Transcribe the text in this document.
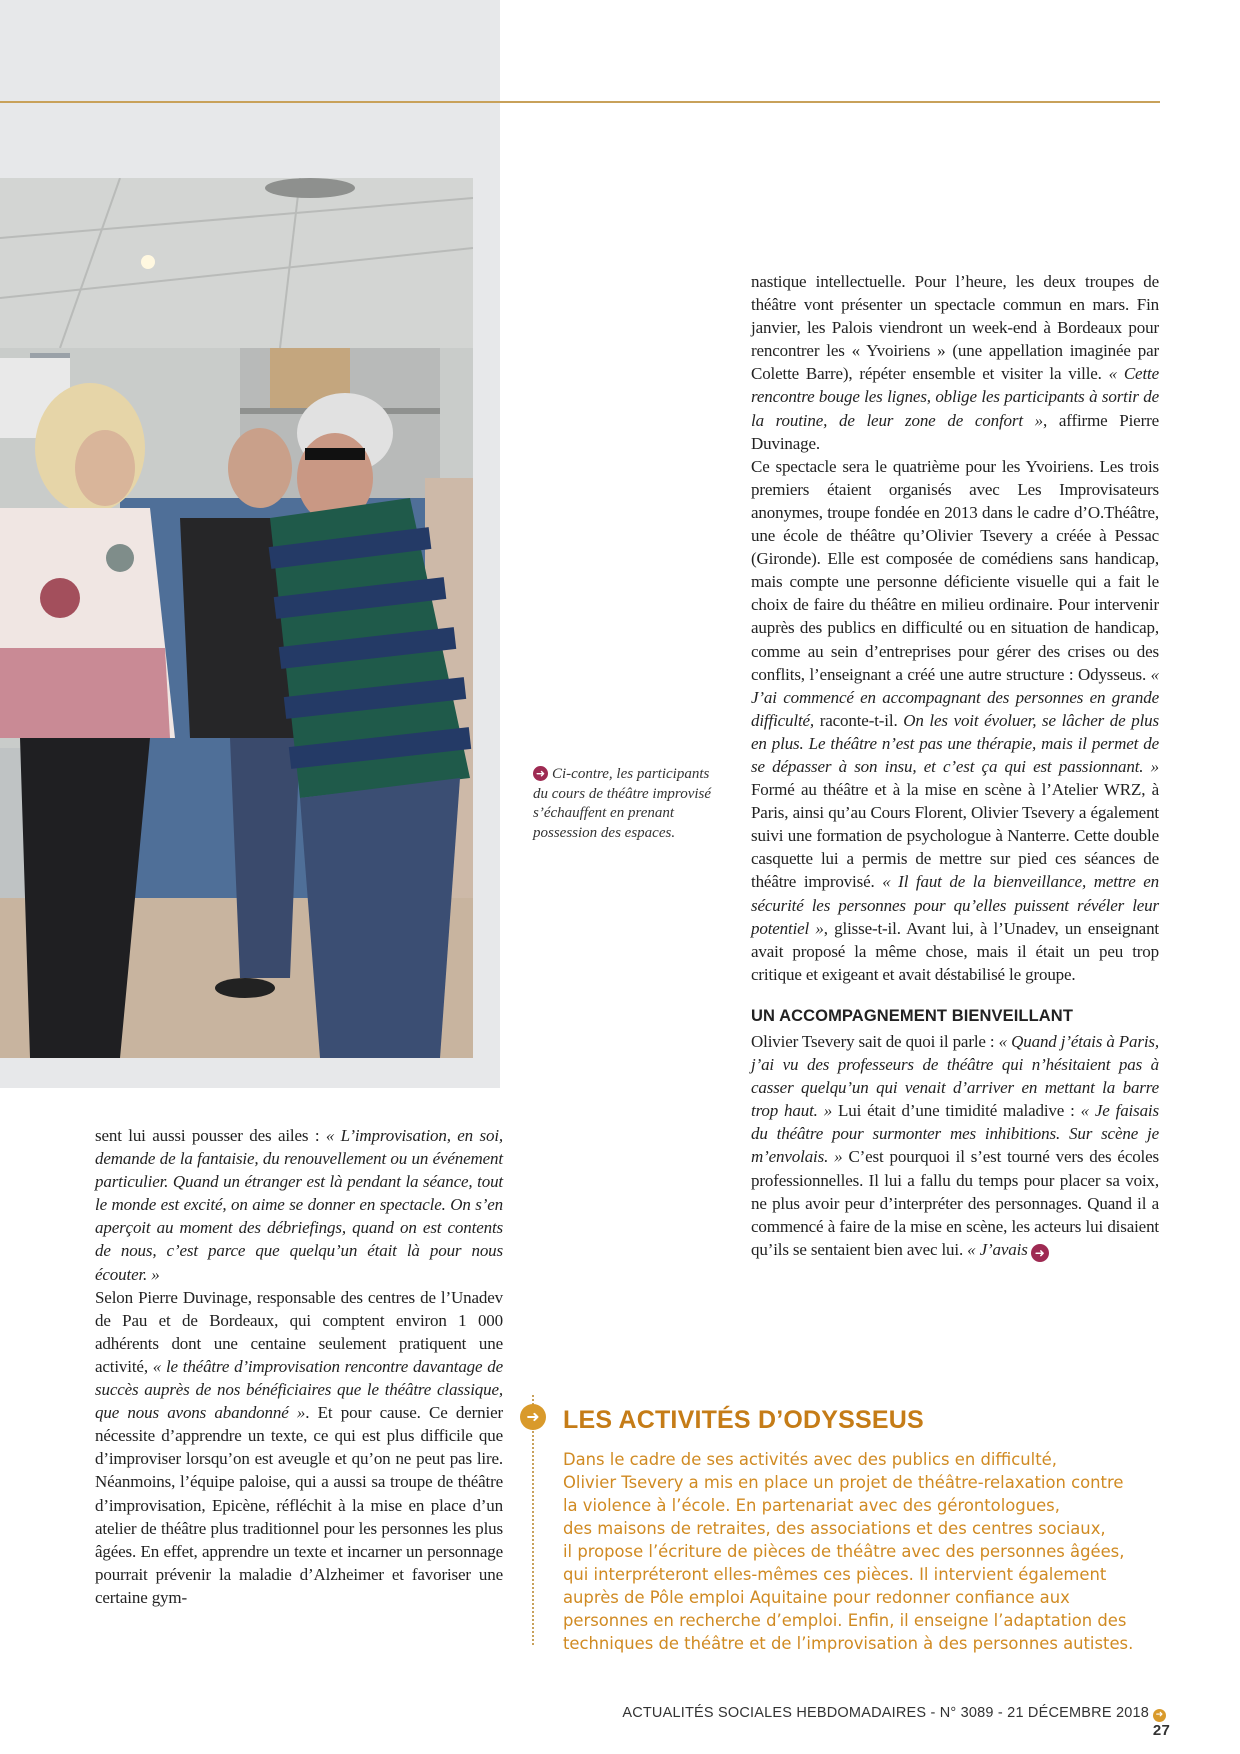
➜ Ci-contre, les participants du cours de théâtre improvisé s’échauffent en prenant possession des espaces.

nastique intellectuelle. Pour l’heure, les deux troupes de théâtre vont présenter un spectacle commun en mars. Fin janvier, les Palois viendront un week-end à Bordeaux pour rencontrer les « Yvoiriens » (une appellation imaginée par Colette Barre), répéter ensemble et visiter la ville. « Cette rencontre bouge les lignes, oblige les participants à sortir de la routine, de leur zone de confort », affirme Pierre Duvinage.

Ce spectacle sera le quatrième pour les Yvoiriens. Les trois premiers étaient organisés avec Les Improvisateurs anonymes, troupe fondée en 2013 dans le cadre d’O.Théâtre, une école de théâtre qu’Olivier Tsevery a créée à Pessac (Gironde). Elle est composée de comédiens sans handicap, mais compte une personne déficiente visuelle qui a fait le choix de faire du théâtre en milieu ordinaire. Pour intervenir auprès des publics en difficulté ou en situation de handicap, comme au sein d’entreprises pour gérer des crises ou des conflits, l’enseignant a créé une autre structure : Odysseus. « J’ai commencé en accompagnant des personnes en grande difficulté, raconte-t-il. On les voit évoluer, se lâcher de plus en plus. Le théâtre n’est pas une thérapie, mais il permet de se dépasser à son insu, et c’est ça qui est passionnant. » Formé au théâtre et à la mise en scène à l’Atelier WRZ, à Paris, ainsi qu’au Cours Florent, Olivier Tsevery a également suivi une formation de psychologue à Nanterre. Cette double casquette lui a permis de mettre sur pied ces séances de théâtre improvisé. « Il faut de la bienveillance, mettre en sécurité les personnes pour qu’elles puissent révéler leur potentiel », glisse-t-il. Avant lui, à l’Unadev, un enseignant avait proposé la même chose, mais il était un peu trop critique et exigeant et avait déstabilisé le groupe.

UN ACCOMPAGNEMENT BIENVEILLANT

Olivier Tsevery sait de quoi il parle : « Quand j’étais à Paris, j’ai vu des professeurs de théâtre qui n’hésitaient pas à casser quelqu’un qui venait d’arriver en mettant la barre trop haut. » Lui était d’une timidité maladive : « Je faisais du théâtre pour surmonter mes inhibitions. Sur scène je m’envolais. » C’est pourquoi il s’est tourné vers des écoles professionnelles. Il lui a fallu du temps pour placer sa voix, ne plus avoir peur d’interpréter des personnages. Quand il a commencé à faire de la mise en scène, les acteurs lui disaient qu’ils se sentaient bien avec lui. « J’avais ➜

sent lui aussi pousser des ailes : « L’improvisation, en soi, demande de la fantaisie, du renouvellement ou un événement particulier. Quand un étranger est là pendant la séance, tout le monde est excité, on aime se donner en spectacle. On s’en aperçoit au moment des débriefings, quand on est contents de nous, c’est parce que quelqu’un était là pour nous écouter. »

Selon Pierre Duvinage, responsable des centres de l’Unadev de Pau et de Bordeaux, qui comptent environ 1 000 adhérents dont une centaine seulement pratiquent une activité, « le théâtre d’improvisation rencontre davantage de succès auprès de nos bénéficiaires que le théâtre classique, que nous avons abandonné ». Et pour cause. Ce dernier nécessite d’apprendre un texte, ce qui est plus difficile que d’improviser lorsqu’on est aveugle et qu’on ne peut pas lire. Néanmoins, l’équipe paloise, qui a aussi sa troupe de théâtre d’improvisation, Epicène, réfléchit à la mise en place d’un atelier de théâtre plus traditionnel pour les personnes les plus âgées. En effet, apprendre un texte et incarner un personnage pourrait prévenir la maladie d’Alzheimer et favoriser une certaine gym-

➜ LES ACTIVITÉS D’ODYSSEUS

Dans le cadre de ses activités avec des publics en difficulté,

Olivier Tsevery a mis en place un projet de théâtre-relaxation contre

la violence à l’école. En partenariat avec des gérontologues,

des maisons de retraites, des associations et des centres sociaux,

il propose l’écriture de pièces de théâtre avec des personnes âgées,

qui interpréteront elles-mêmes ces pièces. Il intervient également

auprès de Pôle emploi Aquitaine pour redonner confiance aux

personnes en recherche d’emploi. Enfin, il enseigne l’adaptation des

techniques de théâtre et de l’improvisation à des personnes autistes.

ACTUALITÉS SOCIALES HEBDOMADAIRES - N° 3089 - 21 DÉCEMBRE 2018 ➜27
